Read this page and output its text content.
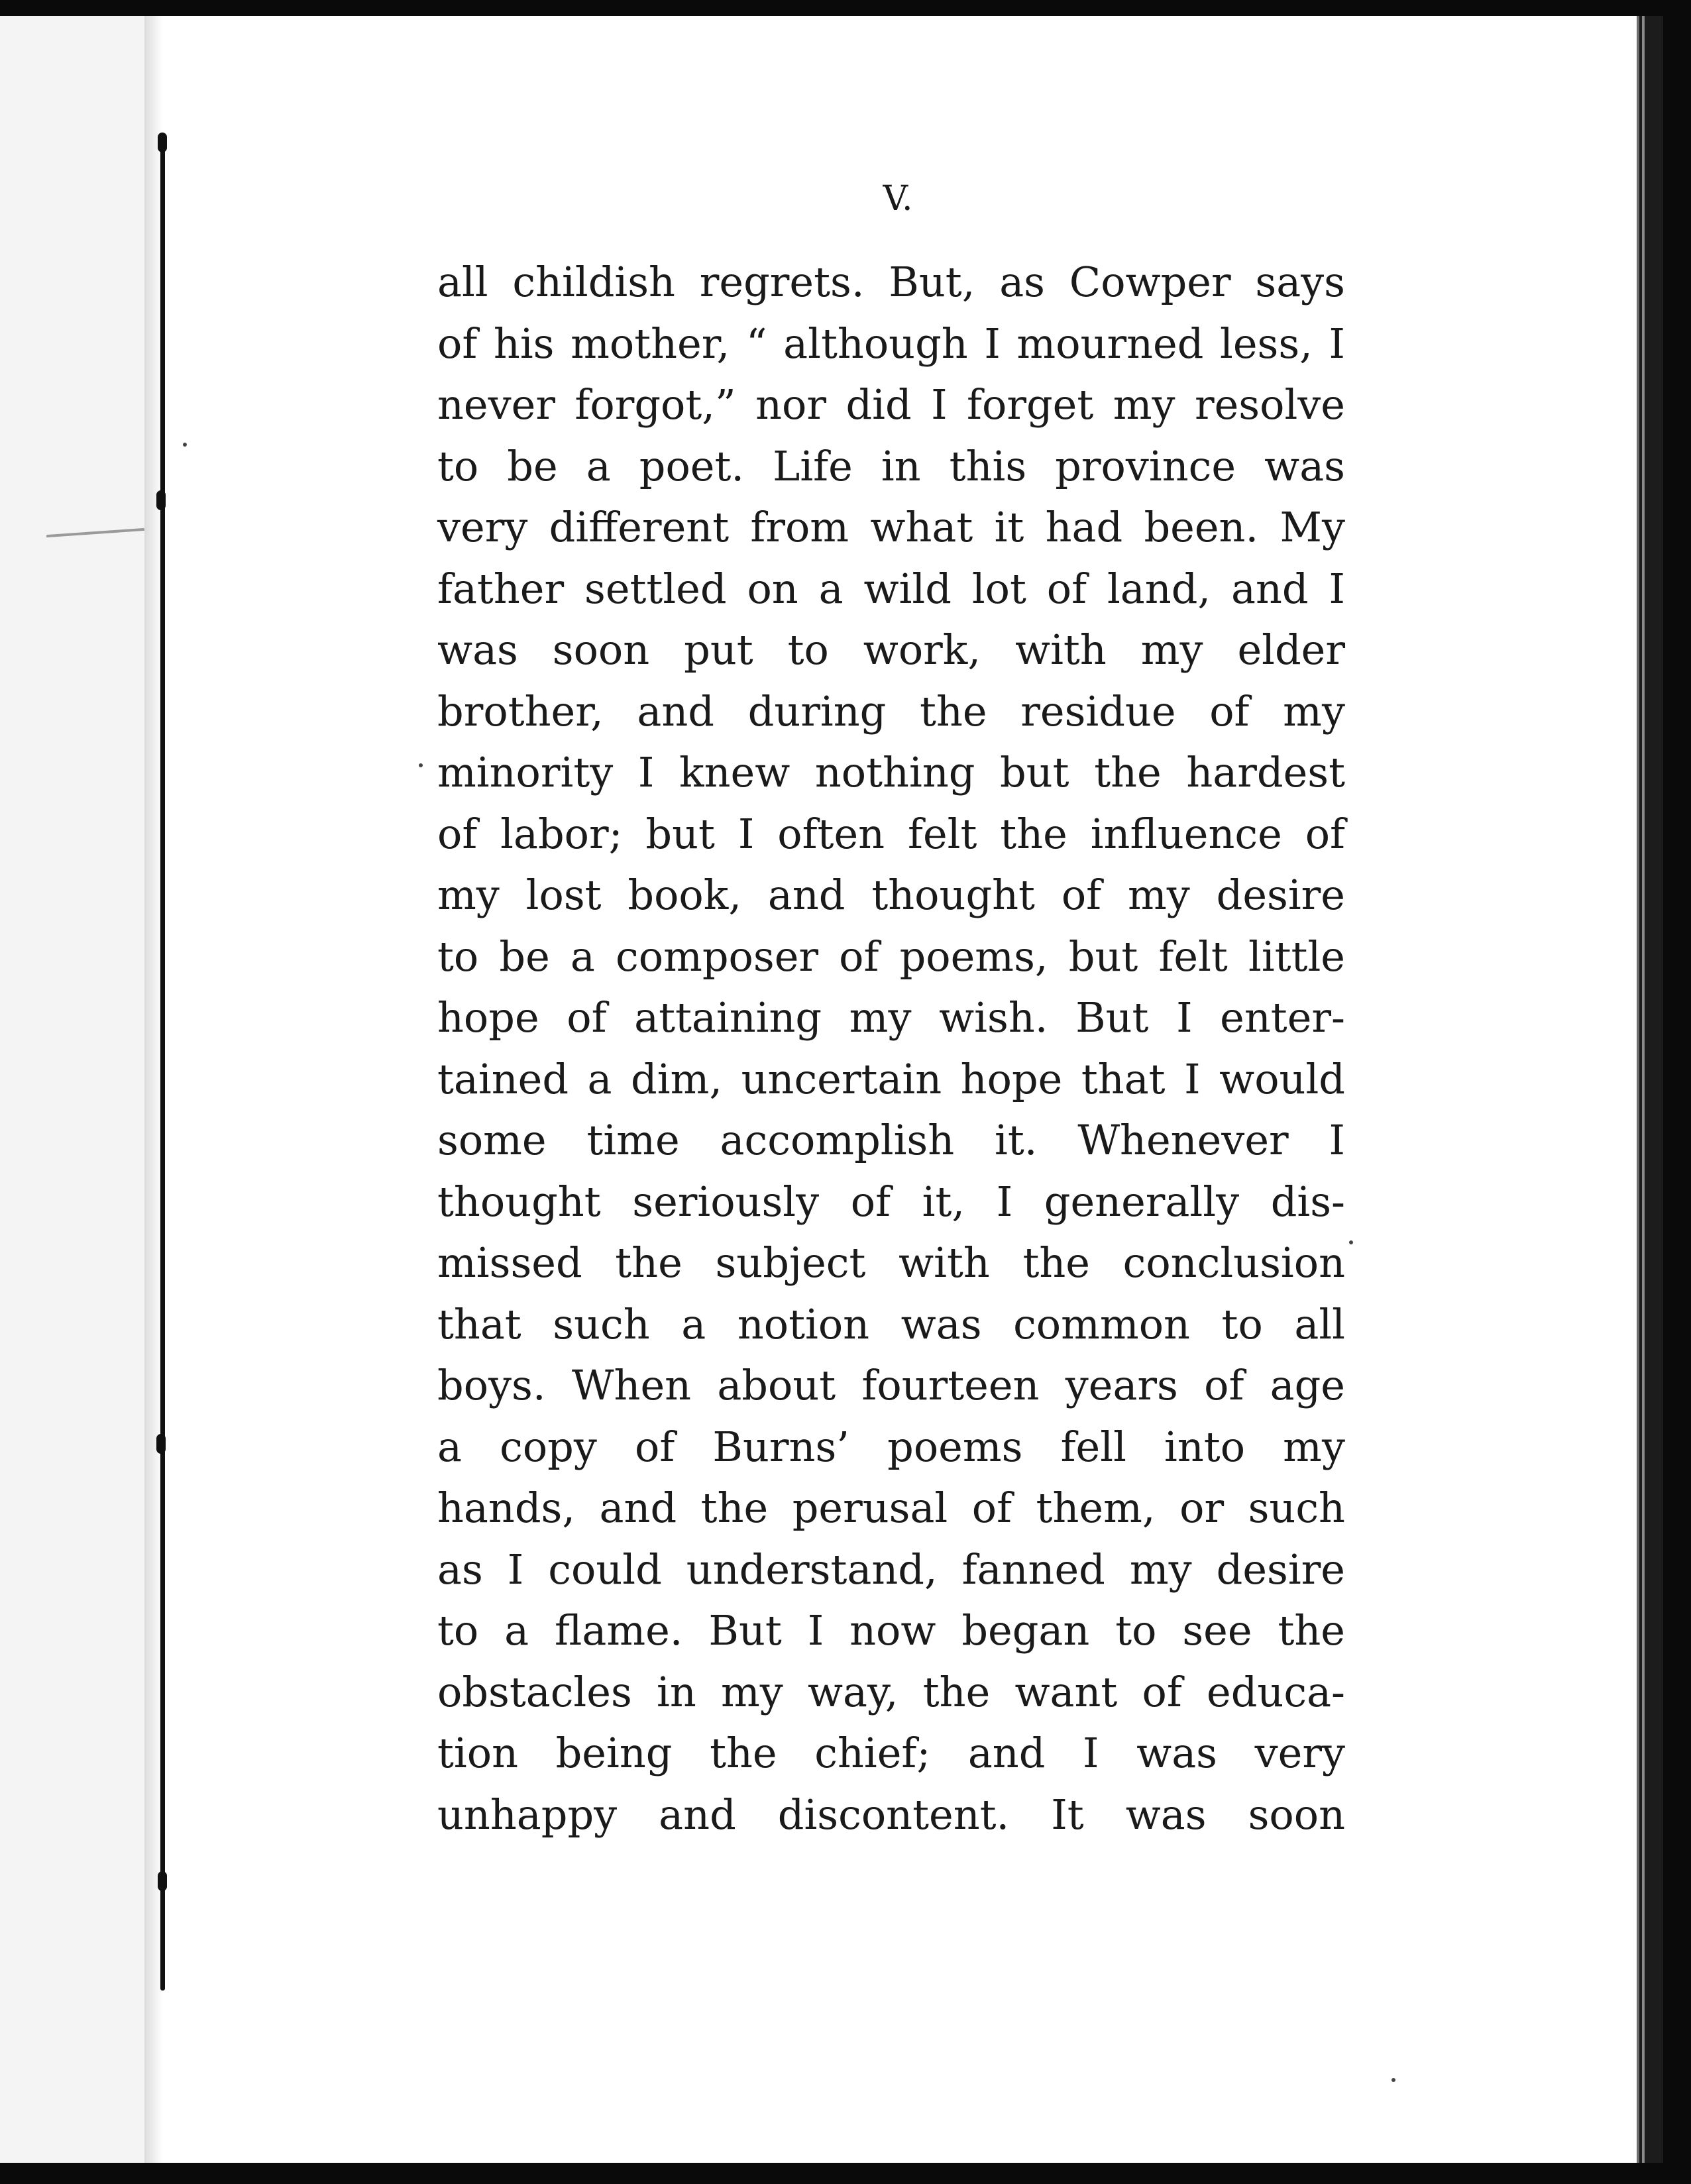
V.
all childish regrets. But, as Cowper says
of his mother, “ although I mourned less, I
never forgot,” nor did I forget my resolve
to be a poet. Life in this province was
very different from what it had been. My
father settled on a wild lot of land, and I
was soon put to work, with my elder
brother, and during the residue of my
minority I knew nothing but the hardest
of labor; but I often felt the influence of
my lost book, and thought of my desire
to be a composer of poems, but felt little
hope of attaining my wish. But I enter-
tained a dim, uncertain hope that I would
some time accomplish it. Whenever I
thought seriously of it, I generally dis-
missed the subject with the conclusion
that such a notion was common to all
boys. When about fourteen years of age
a copy of Burns’ poems fell into my
hands, and the perusal of them, or such
as I could understand, fanned my desire
to a flame. But I now began to see the
obstacles in my way, the want of educa-
tion being the chief; and I was very
unhappy and discontent. It was soon
